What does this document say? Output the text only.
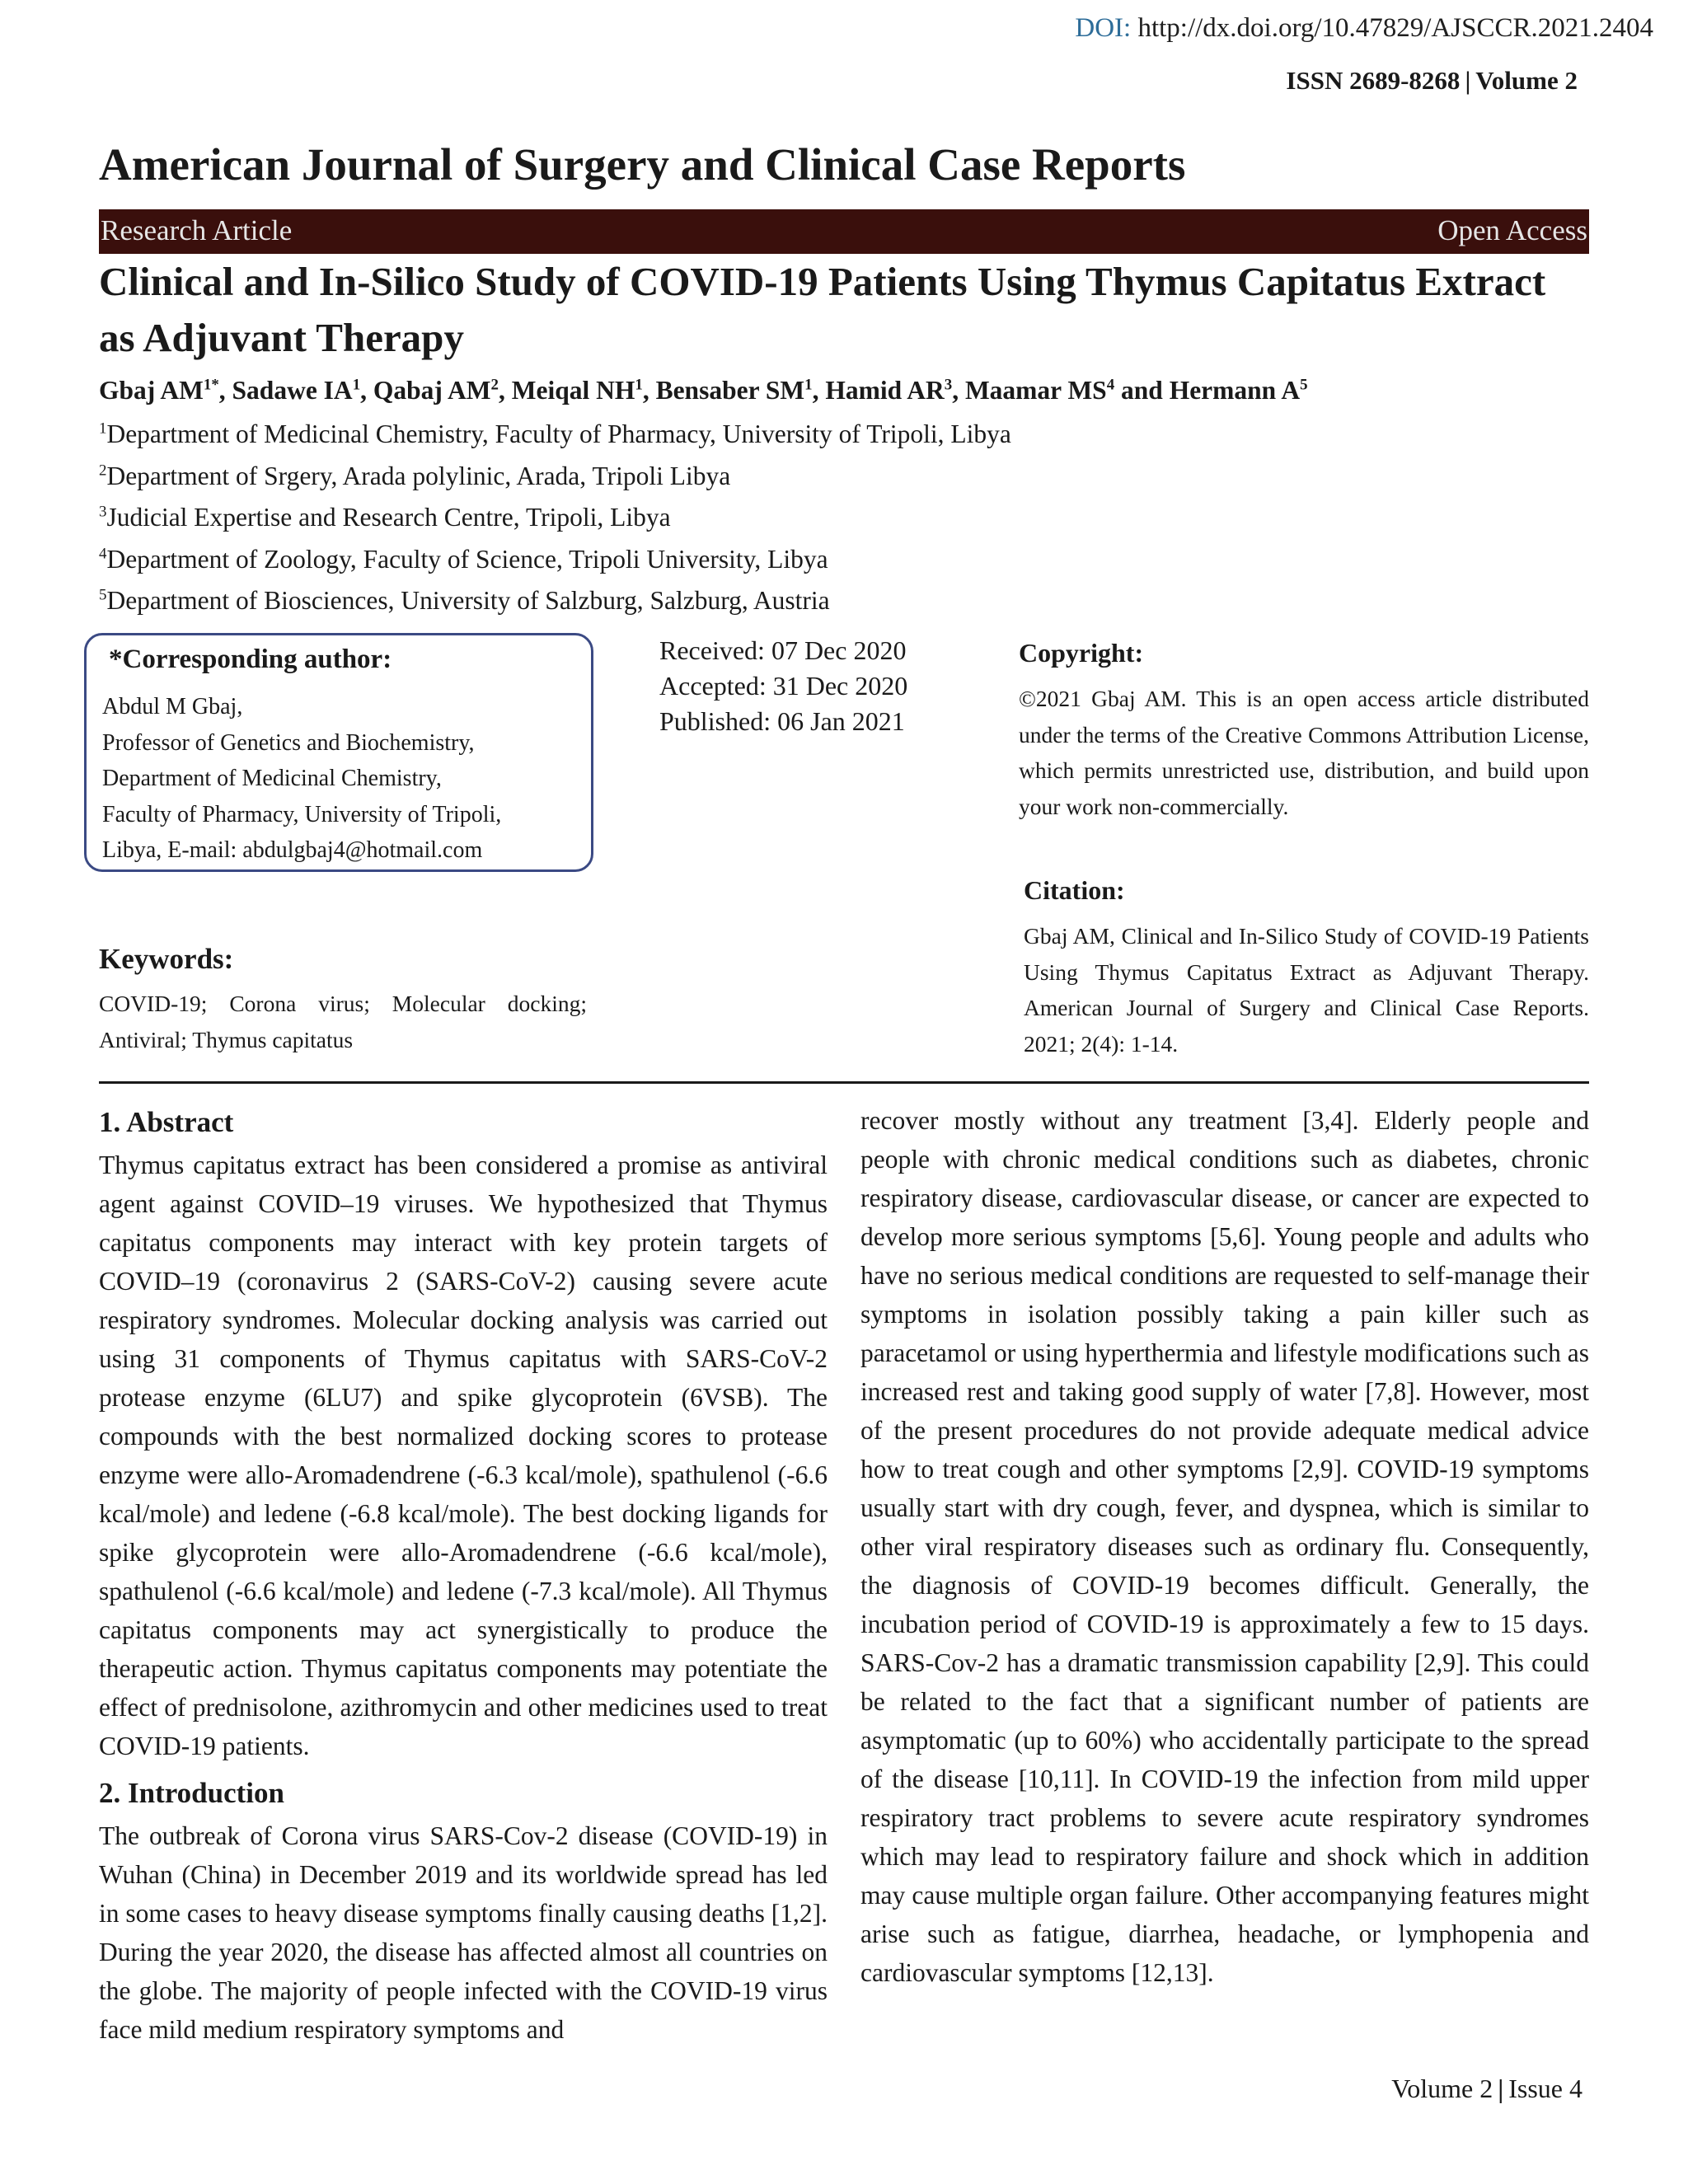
DOI: http://dx.doi.org/10.47829/AJSCCR.2021.2404
ISSN 2689-8268 | Volume 2
American Journal of Surgery and Clinical Case Reports
Research Article	Open Access
Clinical and In-Silico Study of COVID-19 Patients Using Thymus Capitatus Extract
as Adjuvant Therapy
Gbaj $AM^{1*}$, Sadawe $IA^1$, Qabaj $AM^2$, Meiqal $NH^1$, Bensaber $SM^1$, Hamid $AR^3$, Maamar $MS^4$ and Hermann $A^5$
$^1$Department of Medicinal Chemistry, Faculty of Pharmacy, University of Tripoli, Libya
$^2$Department of Srgery, Arada polylinic, Arada, Tripoli Libya
$^3$Judicial Expertise and Research Centre, Tripoli, Libya
$^4$Department of Zoology, Faculty of Science, Tripoli University, Libya
$^5$Department of Biosciences, University of Salzburg, Salzburg, Austria
*Corresponding author:
Abdul M Gbaj,
Professor of Genetics and Biochemistry,
Department of Medicinal Chemistry,
Faculty of Pharmacy, University of Tripoli,
Libya, E-mail: abdulgbaj4@hotmail.com
Received: 07 Dec 2020
Accepted: 31 Dec 2020
Published: 06 Jan 2021
Copyright:
©2021 Gbaj AM. This is an open access article distributed under the terms of the Creative Commons Attribution License, which permits unrestricted use, distribution, and build upon your work non-commercially.
Citation:
Gbaj AM, Clinical and In-Silico Study of COVID-19 Patients Using Thymus Capitatus Extract as Adjuvant Therapy. American Journal of Surgery and Clinical Case Reports. 2021; 2(4): 1-14.
Keywords:
COVID-19; Corona virus; Molecular docking; Antiviral; Thymus capitatus

1. Abstract

Thymus capitatus extract has been considered a promise as antiviral agent against COVID‒19 viruses. We hypothesized that Thymus capitatus components may interact with key protein targets of COVID‒19 (coronavirus 2 (SARS-CoV-2) causing severe acute respiratory syndromes. Molecular docking analysis was carried out using 31 components of Thymus capitatus with SARS-CoV-2 protease enzyme (6LU7) and spike glycoprotein (6VSB). The compounds with the best normalized docking scores to protease enzyme were allo-Aromadendrene (-6.3 kcal/mole), spathulenol (-6.6 kcal/mole) and ledene (-6.8 kcal/mole). The best docking ligands for spike glycoprotein were allo-Aromadendrene (-6.6 kcal/mole), spathulenol (-6.6 kcal/mole) and ledene (-7.3 kcal/mole). All Thymus capitatus components may act synergistically to produce the therapeutic action. Thymus capitatus components may potentiate the effect of prednisolone, azithromycin and other medicines used to treat COVID-19 patients.

2. Introduction

The outbreak of Corona virus SARS-Cov-2 disease (COVID-19) in Wuhan (China) in December 2019 and its worldwide spread has led in some cases to heavy disease symptoms finally causing deaths [1,2]. During the year 2020, the disease has affected almost all countries on the globe. The majority of people infected with the COVID-19 virus face mild medium respiratory symptoms and

recover mostly without any treatment [3,4]. Elderly people and people with chronic medical conditions such as diabetes, chronic respiratory disease, cardiovascular disease, or cancer are expected to develop more serious symptoms [5,6]. Young people and adults who have no serious medical conditions are requested to self-manage their symptoms in isolation possibly taking a pain killer such as paracetamol or using hyperthermia and lifestyle modifications such as increased rest and taking good supply of water [7,8]. However, most of the present procedures do not provide adequate medical advice how to treat cough and other symptoms [2,9]. COVID-19 symptoms usually start with dry cough, fever, and dyspnea, which is similar to other viral respiratory diseases such as ordinary flu. Consequently, the diagnosis of COVID-19 becomes difficult. Generally, the incubation period of COVID-19 is approximately a few to 15 days. SARS-Cov-2 has a dramatic transmission capability [2,9]. This could be related to the fact that a significant number of patients are asymptomatic (up to 60%) who accidentally participate to the spread of the disease [10,11]. In COVID-19 the infection from mild upper respiratory tract problems to severe acute respiratory syndromes which may lead to respiratory failure and shock which in addition may cause multiple organ failure. Other accompanying features might arise such as fatigue, diarrhea, headache, or lymphopenia and cardiovascular symptoms [12,13].

Volume 2 | Issue 4
